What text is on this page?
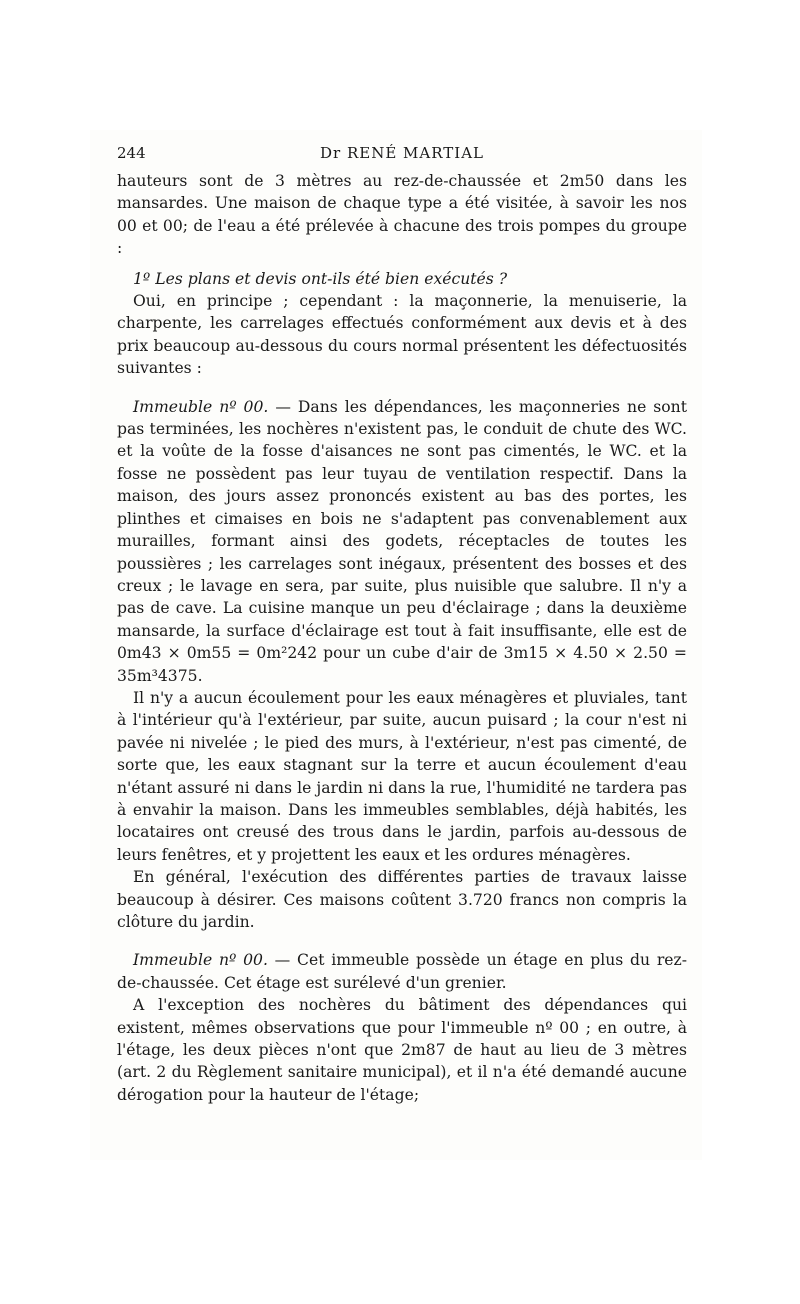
244	Dr RENÉ MARTIAL

hauteurs sont de 3 mètres au rez-de-chaussée et 2m50 dans les mansardes. Une maison de chaque type a été visitée, à savoir les nos 00 et 00; de l'eau a été prélevée à chacune des trois pompes du groupe :

1º Les plans et devis ont-ils été bien exécutés ?

Oui, en principe ; cependant : la maçonnerie, la menuiserie, la charpente, les carrelages effectués conformément aux devis et à des prix beaucoup au-dessous du cours normal présentent les défectuosités suivantes :

Immeuble nº 00. — Dans les dépendances, les maçonneries ne sont pas terminées, les nochères n'existent pas, le conduit de chute des WC. et la voûte de la fosse d'aisances ne sont pas cimentés, le WC. et la fosse ne possèdent pas leur tuyau de ventilation respectif. Dans la maison, des jours assez prononcés existent au bas des portes, les plinthes et cimaises en bois ne s'adaptent pas convenablement aux murailles, formant ainsi des godets, réceptacles de toutes les poussières ; les carrelages sont inégaux, présentent des bosses et des creux ; le lavage en sera, par suite, plus nuisible que salubre. Il n'y a pas de cave. La cuisine manque un peu d'éclairage ; dans la deuxième mansarde, la surface d'éclairage est tout à fait insuffisante, elle est de 0m43 × 0m55 = 0m²242 pour un cube d'air de 3m15 × 4.50 × 2.50 = 35m³4375.

Il n'y a aucun écoulement pour les eaux ménagères et pluviales, tant à l'intérieur qu'à l'extérieur, par suite, aucun puisard ; la cour n'est ni pavée ni nivelée ; le pied des murs, à l'extérieur, n'est pas cimenté, de sorte que, les eaux stagnant sur la terre et aucun écoulement d'eau n'étant assuré ni dans le jardin ni dans la rue, l'humidité ne tardera pas à envahir la maison. Dans les immeubles semblables, déjà habités, les locataires ont creusé des trous dans le jardin, parfois au-dessous de leurs fenêtres, et y projettent les eaux et les ordures ménagères.

En général, l'exécution des différentes parties de travaux laisse beaucoup à désirer. Ces maisons coûtent 3.720 francs non compris la clôture du jardin.

Immeuble nº 00. — Cet immeuble possède un étage en plus du rez-de-chaussée. Cet étage est surélevé d'un grenier.

A l'exception des nochères du bâtiment des dépendances qui existent, mêmes observations que pour l'immeuble nº 00 ; en outre, à l'étage, les deux pièces n'ont que 2m87 de haut au lieu de 3 mètres (art. 2 du Règlement sanitaire municipal), et il n'a été demandé aucune dérogation pour la hauteur de l'étage;
